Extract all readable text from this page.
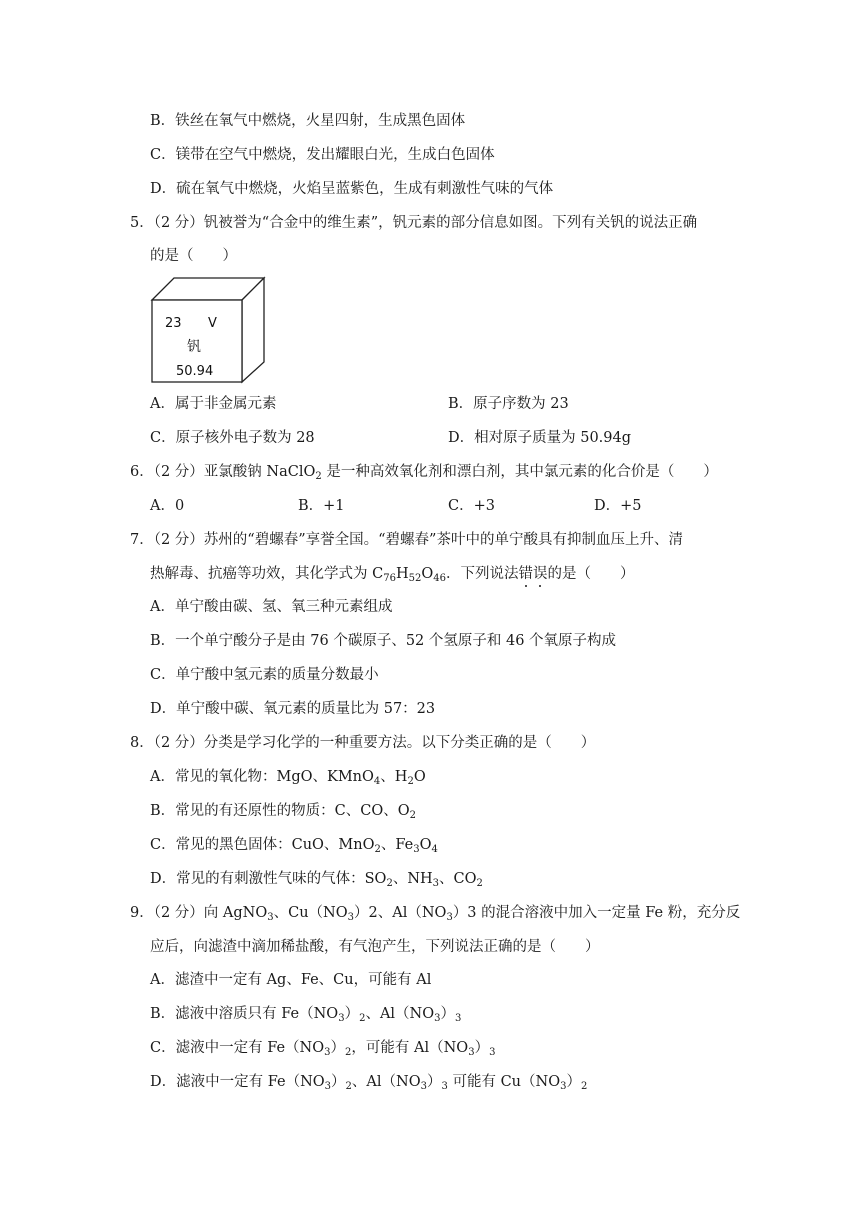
B．铁丝在氧气中燃烧，火星四射，生成黑色固体
C．镁带在空气中燃烧，发出耀眼白光，生成白色固体
D．硫在氧气中燃烧，火焰呈蓝紫色，生成有刺激性气味的气体
5．（2 分）钒被誉为“合金中的维生素”，钒元素的部分信息如图。下列有关钒的说法正确
的是（　　）
23 V
钒
50.94
A．属于非金属元素	B．原子序数为 23
C．原子核外电子数为 28	D．相对原子质量为 50.94g
6．（2 分）亚氯酸钠 NaClO$_2$ 是一种高效氧化剂和漂白剂，其中氯元素的化合价是（　　）
A．0	B．+1	C．+3	D．+5
7．（2 分）苏州的“碧螺春”享誉全国。“碧螺春”茶叶中的单宁酸具有抑制血压上升、清
热解毒、抗癌等功效，其化学式为 $C_{76}H_{52}O_{46}$．下列说法错误的是（　　）
A．单宁酸由碳、氢、氧三种元素组成
B．一个单宁酸分子是由 76 个碳原子、52 个氢原子和 46 个氧原子构成
C．单宁酸中氢元素的质量分数最小
D．单宁酸中碳、氧元素的质量比为 57：23
8．（2 分）分类是学习化学的一种重要方法。以下分类正确的是（　　）
A．常见的氧化物：MgO、KMnO$_4$、$H_2O$
B．常见的有还原性的物质：C、CO、$O_2$
C．常见的黑色固体：CuO、MnO$_2$、$Fe_3O_4$
D．常见的有刺激性气味的气体：$SO_2$、$NH_3$、$CO_2$
9．（2 分）向 AgNO$_3$、$Cu(NO_3)2$、$Al(NO_3)3$ 的混合溶液中加入一定量 Fe 粉，充分反
应后，向滤渣中滴加稀盐酸，有气泡产生，下列说法正确的是（　　）
A．滤渣中一定有 Ag、Fe、Cu，可能有 Al
B．滤液中溶质只有 $Fe(NO_3)_2$、$Al(NO_3)_3$
C．滤液中一定有 $Fe(NO_3)_2$，可能有 $Al(NO_3)_3$
D．滤液中一定有 $Fe(NO_3)_2$、$Al(NO_3)_3$ 可能有 $Cu(NO_3)_2$
